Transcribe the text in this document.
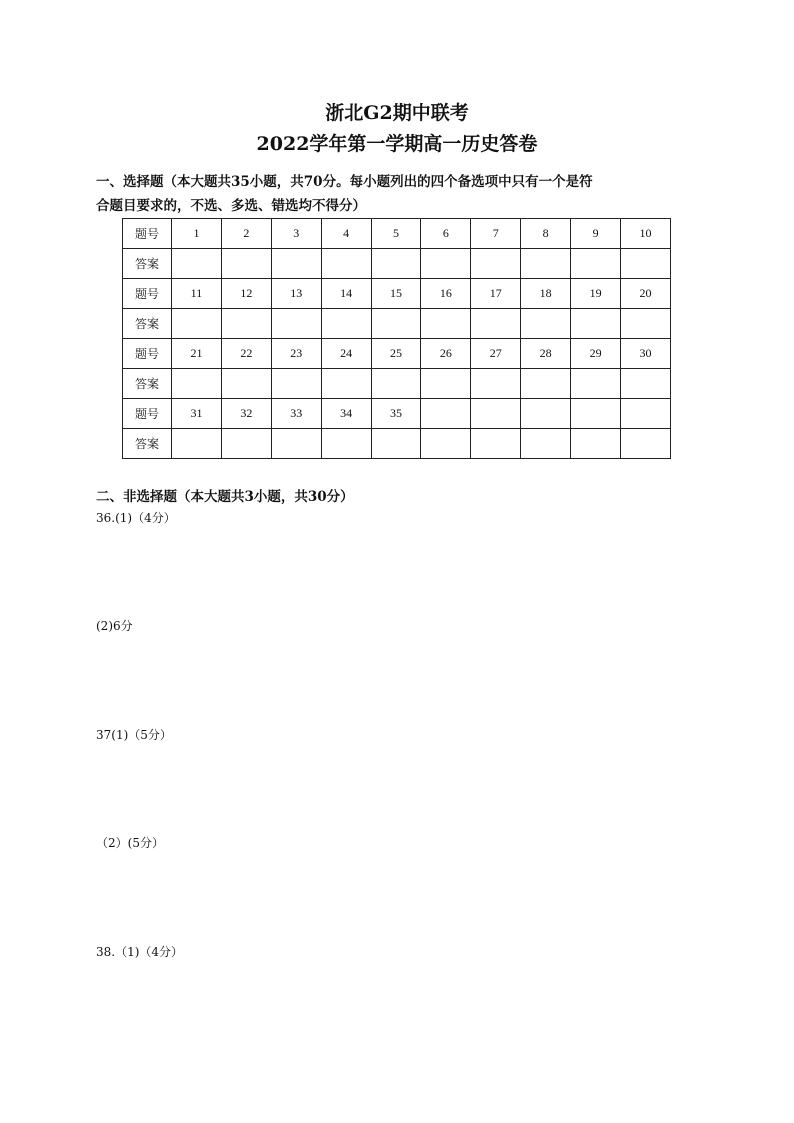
浙北G2期中联考
2022学年第一学期高一历史答卷
一、选择题（本大题共35小题，共70分。每小题列出的四个备选项中只有一个是符
合题目要求的，不选、多选、错选均不得分）
题号	1	2	3	4	5	6	7	8	9	10
答案										
题号	11	12	13	14	15	16	17	18	19	20
答案										
题号	21	22	23	24	25	26	27	28	29	30
答案										
题号	31	32	33	34	35					
答案										
二、非选择题（本大题共3小题，共30分）
36.(1)（4分）
(2)6分
37(1)（5分）
（2）(5分）
38.（1)（4分）
